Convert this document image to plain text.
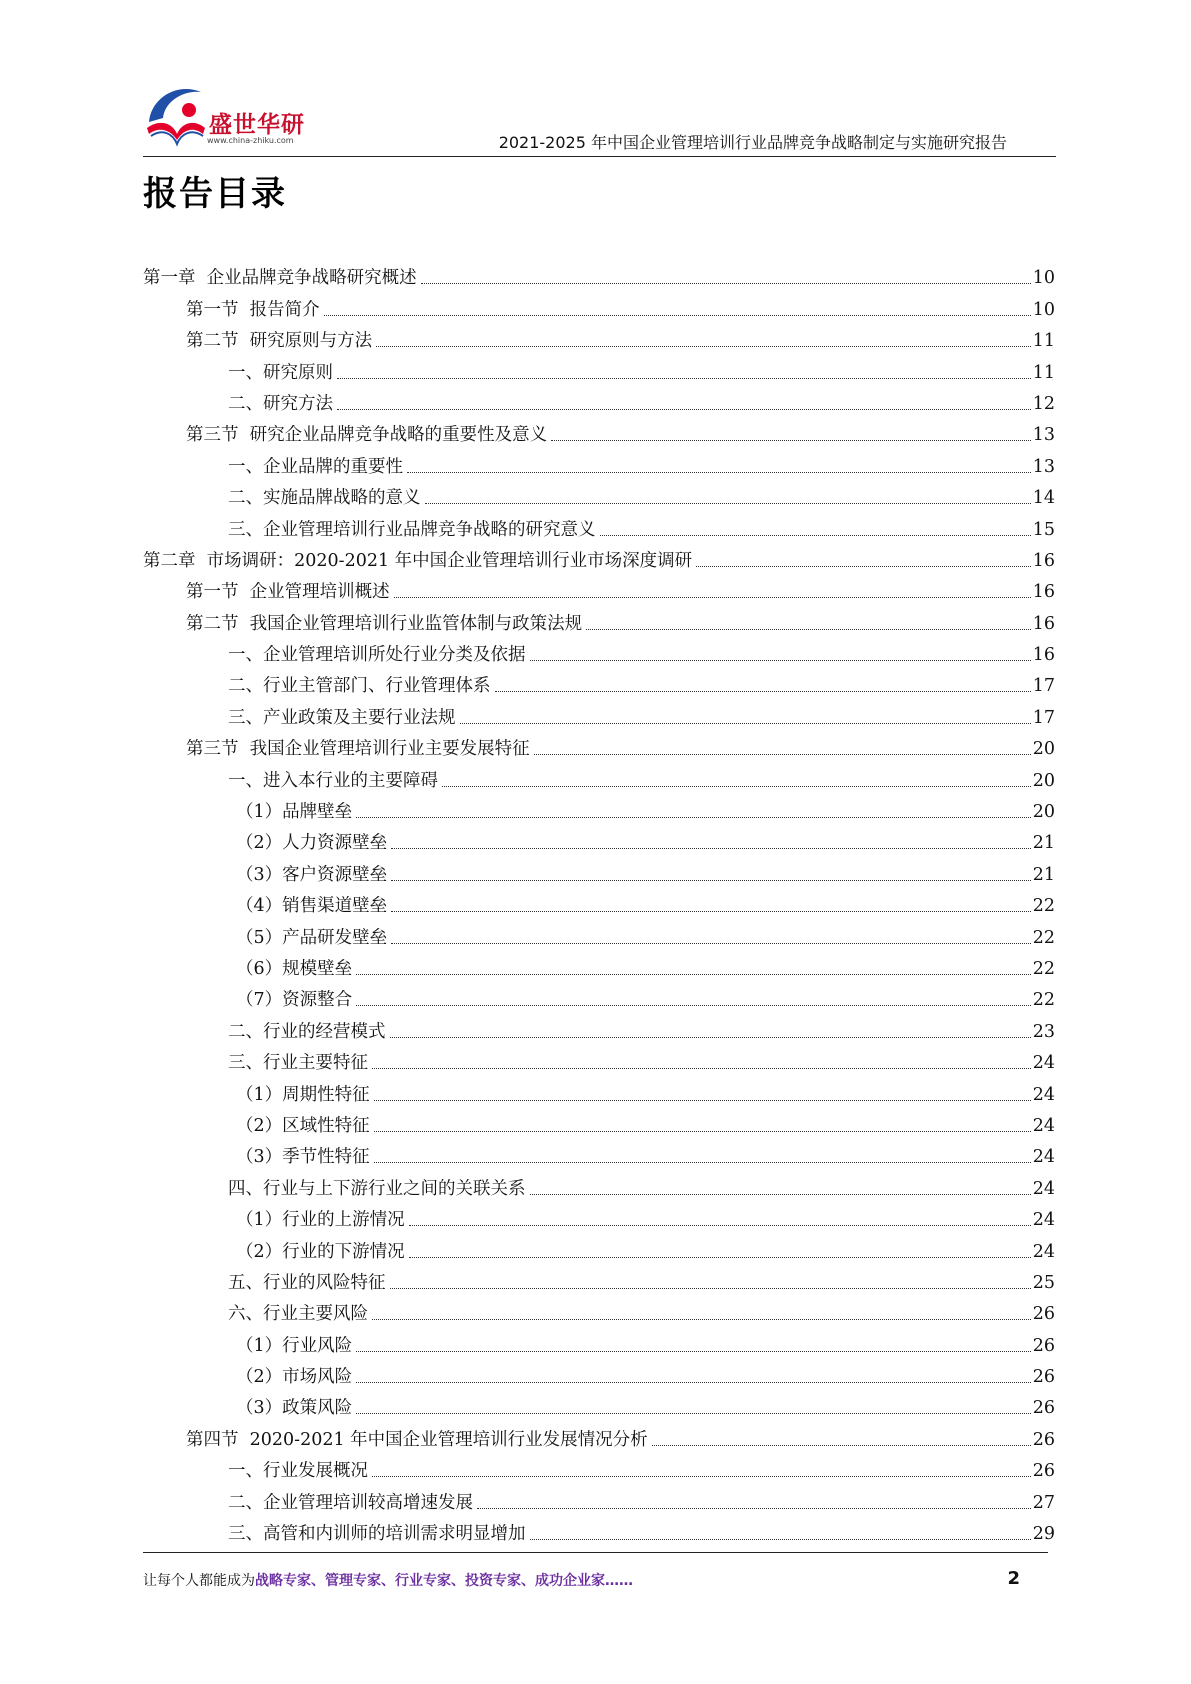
盛世华研
www.china-zhiku.com	2021-2025 年中国企业管理培训行业品牌竞争战略制定与实施研究报告
报告目录
第一章  企业品牌竞争战略研究概述	10
第一节  报告简介	10
第二节  研究原则与方法	11
一、研究原则	11
二、研究方法	12
第三节  研究企业品牌竞争战略的重要性及意义	13
一、企业品牌的重要性	13
二、实施品牌战略的意义	14
三、企业管理培训行业品牌竞争战略的研究意义	15
第二章  市场调研：2020-2021 年中国企业管理培训行业市场深度调研	16
第一节  企业管理培训概述	16
第二节  我国企业管理培训行业监管体制与政策法规	16
一、企业管理培训所处行业分类及依据	16
二、行业主管部门、行业管理体系	17
三、产业政策及主要行业法规	17
第三节  我国企业管理培训行业主要发展特征	20
一、进入本行业的主要障碍	20
（1）品牌壁垒	20
（2）人力资源壁垒	21
（3）客户资源壁垒	21
（4）销售渠道壁垒	22
（5）产品研发壁垒	22
（6）规模壁垒	22
（7）资源整合	22
二、行业的经营模式	23
三、行业主要特征	24
（1）周期性特征	24
（2）区域性特征	24
（3）季节性特征	24
四、行业与上下游行业之间的关联关系	24
（1）行业的上游情况	24
（2）行业的下游情况	24
五、行业的风险特征	25
六、行业主要风险	26
（1）行业风险	26
（2）市场风险	26
（3）政策风险	26
第四节  2020-2021 年中国企业管理培训行业发展情况分析	26
一、行业发展概况	26
二、企业管理培训较高增速发展	27
三、高管和内训师的培训需求明显增加	29
让每个人都能成为战略专家、管理专家、行业专家、投资专家、成功企业家……	2
